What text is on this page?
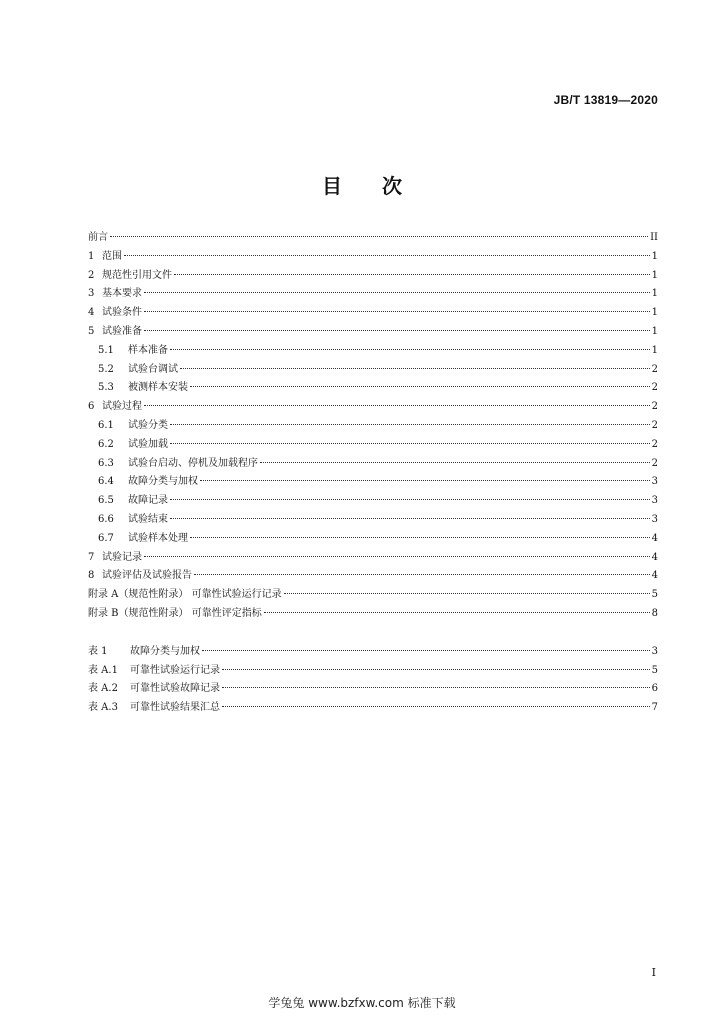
JB/T 13819—2020
目次
前言	II
1 范围	1
2 规范性引用文件	1
3 基本要求	1
4 试验条件	1
5 试验准备	1
5.1	样本准备	1
5.2	试验台调试	2
5.3	被测样本安装	2
6 试验过程	2
6.1	试验分类	2
6.2	试验加载	2
6.3	试验台启动、停机及加载程序	2
6.4	故障分类与加权	3
6.5	故障记录	3
6.6	试验结束	3
6.7	试验样本处理	4
7 试验记录	4
8 试验评估及试验报告	4
附录 A（规范性附录） 可靠性试验运行记录	5
附录 B（规范性附录） 可靠性评定指标	8
表 1	故障分类与加权	3
表 A.1	可靠性试验运行记录	5
表 A.2	可靠性试验故障记录	6
表 A.3	可靠性试验结果汇总	7
I
学兔兔 www.bzfxw.com 标准下载
